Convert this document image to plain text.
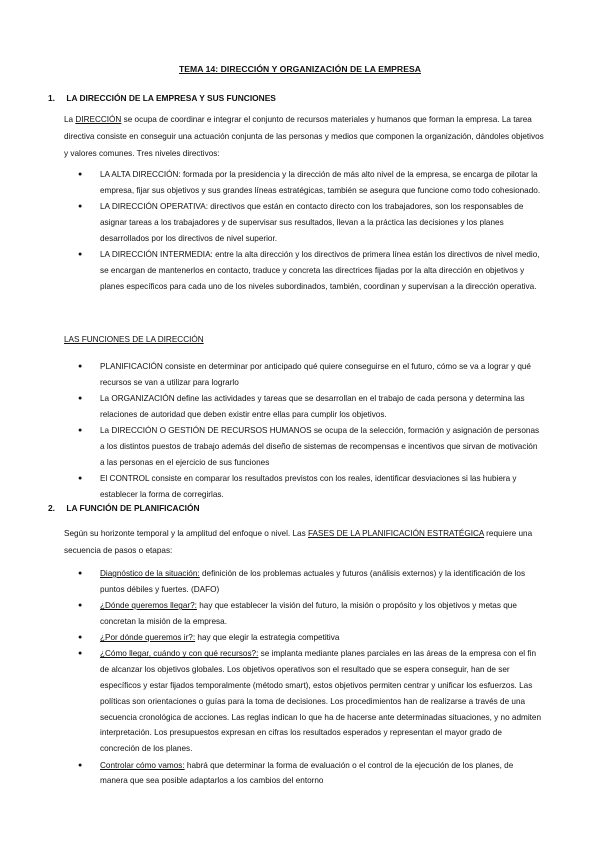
TEMA 14: DIRECCIÓN Y ORGANIZACIÓN DE LA EMPRESA
1. LA DIRECCIÓN DE LA EMPRESA Y SUS FUNCIONES
La DIRECCIÓN se ocupa de coordinar e integrar el conjunto de recursos materiales y humanos que forman la empresa. La tarea directiva consiste en conseguir una actuación conjunta de las personas y medios que componen la organización, dándoles objetivos y valores comunes. Tres niveles directivos:
● LA ALTA DIRECCIÓN: formada por la presidencia y la dirección de más alto nivel de la empresa, se encarga de pilotar la empresa, fijar sus objetivos y sus grandes líneas estratégicas, también se asegura que funcione como todo cohesionado.
● LA DIRECCIÓN OPERATIVA: directivos que están en contacto directo con los trabajadores, son los responsables de asignar tareas a los trabajadores y de supervisar sus resultados, llevan a la práctica las decisiones y los planes desarrollados por los directivos de nivel superior.
● LA DIRECCIÓN INTERMEDIA: entre la alta dirección y los directivos de primera línea están los directivos de nivel medio, se encargan de mantenerlos en contacto, traduce y concreta las directrices fijadas por la alta dirección en objetivos y planes específicos para cada uno de los niveles subordinados, también, coordinan y supervisan a la dirección operativa.
LAS FUNCIONES DE LA DIRECCIÓN
● PLANIFICACIÓN consiste en determinar por anticipado qué quiere conseguirse en el futuro, cómo se va a lograr y qué recursos se van a utilizar para lograrlo
● La ORGANIZACIÓN define las actividades y tareas que se desarrollan en el trabajo de cada persona y determina las relaciones de autoridad que deben existir entre ellas para cumplir los objetivos.
● La DIRECCIÓN O GESTIÓN DE RECURSOS HUMANOS se ocupa de la selección, formación y asignación de personas a los distintos puestos de trabajo además del diseño de sistemas de recompensas e incentivos que sirvan de motivación a las personas en el ejercicio de sus funciones
● El CONTROL consiste en comparar los resultados previstos con los reales, identificar desviaciones si las hubiera y establecer la forma de corregirlas.
2. LA FUNCIÓN DE PLANIFICACIÓN
Según su horizonte temporal y la amplitud del enfoque o nivel. Las FASES DE LA PLANIFICACIÓN ESTRATÉGICA requiere una secuencia de pasos o etapas:
● Diagnóstico de la situación: definición de los problemas actuales y futuros (análisis externos) y la identificación de los puntos débiles y fuertes. (DAFO)
● ¿Dónde queremos llegar?: hay que establecer la visión del futuro, la misión o propósito y los objetivos y metas que concretan la misión de la empresa.
● ¿Por dónde queremos ir?: hay que elegir la estrategia competitiva
● ¿Cómo llegar, cuándo y con qué recursos?: se implanta mediante planes parciales en las áreas de la empresa con el fin de alcanzar los objetivos globales. Los objetivos operativos son el resultado que se espera conseguir, han de ser específicos y estar fijados temporalmente (método smart), estos objetivos permiten centrar y unificar los esfuerzos. Las políticas son orientaciones o guías para la toma de decisiones. Los procedimientos han de realizarse a través de una secuencia cronológica de acciones. Las reglas indican lo que ha de hacerse ante determinadas situaciones, y no admiten interpretación. Los presupuestos expresan en cifras los resultados esperados y representan el mayor grado de concreción de los planes.
● Controlar cómo vamos: habrá que determinar la forma de evaluación o el control de la ejecución de los planes, de manera que sea posible adaptarlos a los cambios del entorno
